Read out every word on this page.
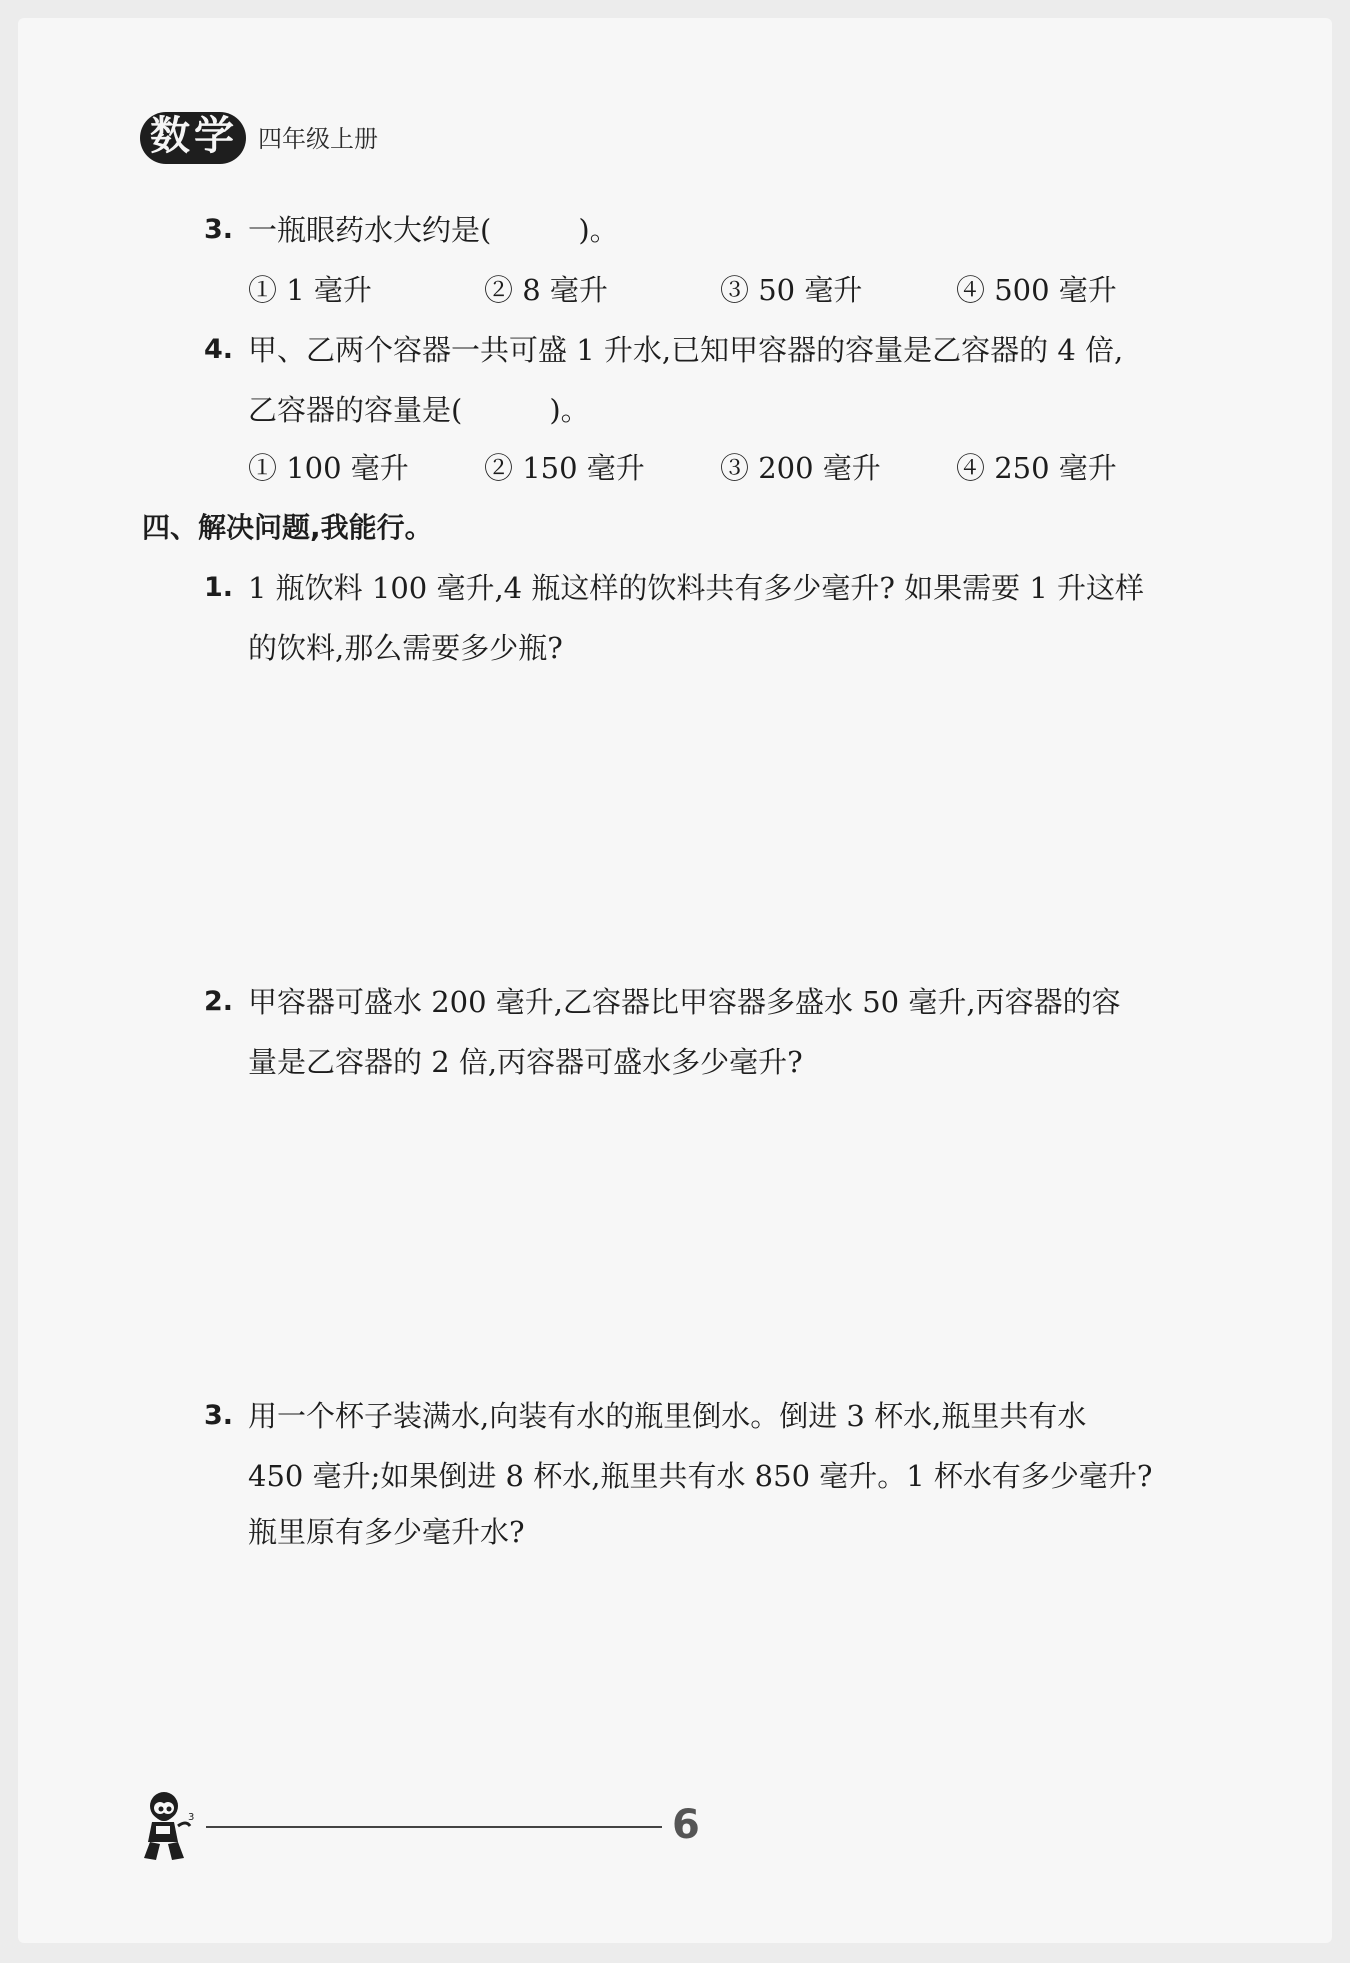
数学 四年级上册
3. 一瓶眼药水大约是(　　　)。
① 1 毫升	② 8 毫升	③ 50 毫升	④ 500 毫升
4. 甲、乙两个容器一共可盛 1 升水,已知甲容器的容量是乙容器的 4 倍,
乙容器的容量是(　　　)。
① 100 毫升	② 150 毫升	③ 200 毫升	④ 250 毫升
四、解决问题,我能行。
1. 1 瓶饮料 100 毫升,4 瓶这样的饮料共有多少毫升? 如果需要 1 升这样
的饮料,那么需要多少瓶?
2. 甲容器可盛水 200 毫升,乙容器比甲容器多盛水 50 毫升,丙容器的容
量是乙容器的 2 倍,丙容器可盛水多少毫升?
3. 用一个杯子装满水,向装有水的瓶里倒水。倒进 3 杯水,瓶里共有水
450 毫升;如果倒进 8 杯水,瓶里共有水 850 毫升。1 杯水有多少毫升?
瓶里原有多少毫升水?
3	6
